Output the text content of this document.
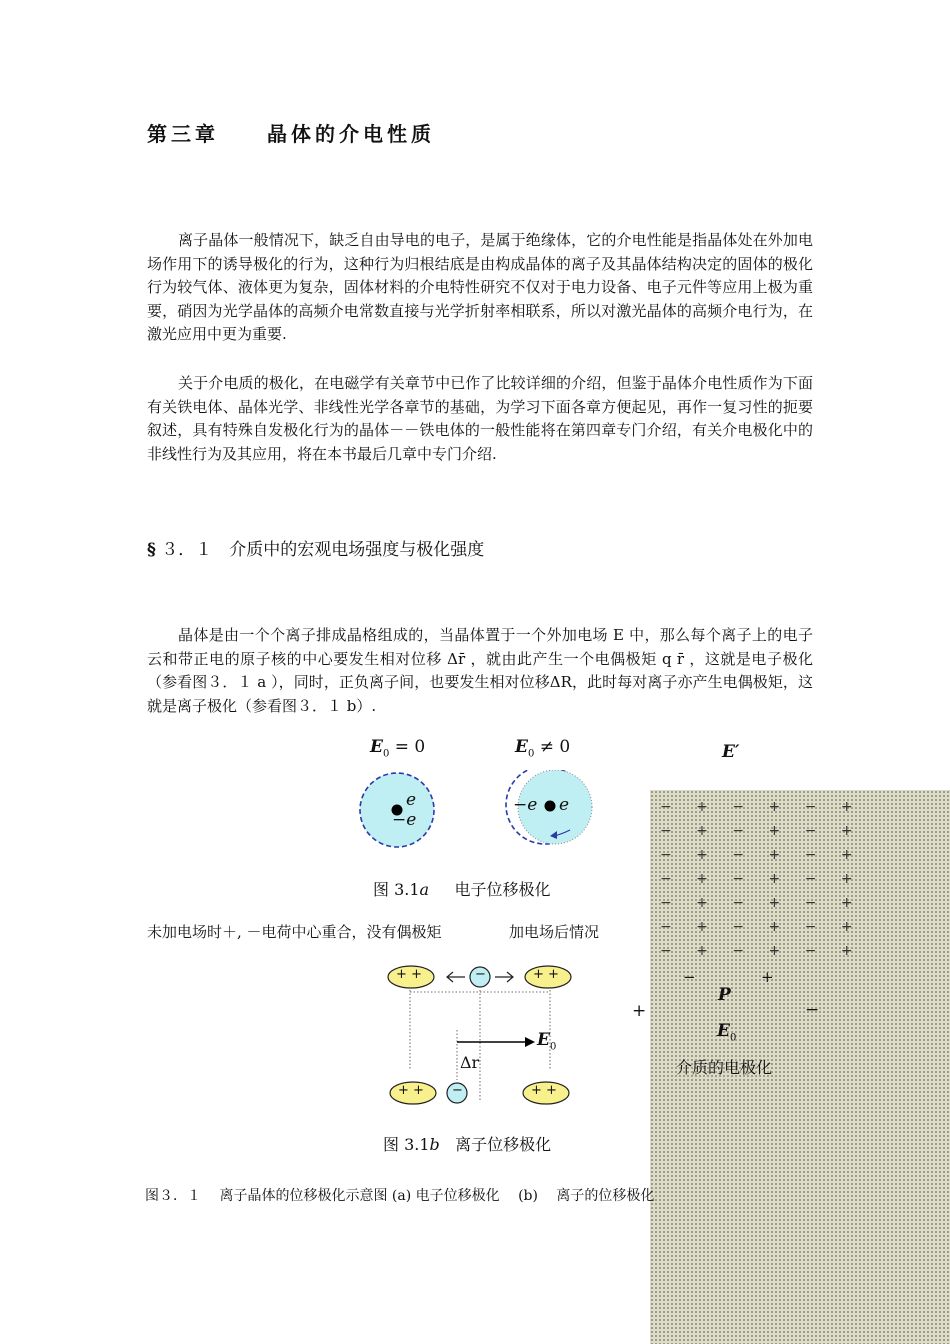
第三章　　晶体的介电性质

离子晶体一般情况下，缺乏自由导电的电子，是属于绝缘体，它的介电性能是指晶体处在外加电场作用下的诱导极化的行为，这种行为归根结底是由构成晶体的离子及其晶体结构决定的固体的极化行为较气体、液体更为复杂，固体材料的介电特性研究不仅对于电力设备、电子元件等应用上极为重要，硝因为光学晶体的高频介电常数直接与光学折射率相联系，所以对激光晶体的高频介电行为，在激光应用中更为重要.

关于介电质的极化，在电磁学有关章节中已作了比较详细的介绍，但鉴于晶体介电性质作为下面有关铁电体、晶体光学、非线性光学各章节的基础，为学习下面各章方便起见，再作一复习性的扼要叙述，具有特殊自发极化行为的晶体－－铁电体的一般性能将在第四章专门介绍，有关介电极化中的非线性行为及其应用，将在本书最后几章中专门介绍.

§ ３．１　介质中的宏观电场强度与极化强度

晶体是由一个个离子排成晶格组成的，当晶体置于一个外加电场 E 中，那么每个离子上的电子云和带正电的原子核的中心要发生相对位移 Δr̄ ，就由此产生一个电偶极矩 q r̄ ，这就是电子极化（参看图３．１ a ），同时，正负离子间，也要发生相对位移ΔR，此时每对离子亦产生电偶极矩，这就是离子极化（参看图３．１ b）.

$E_0 = 0$	$E_0 \ne 0$
e
−e
−e e
图 3.1a 电子位移极化
未加电场时＋, －电荷中心重合，没有偶极矩	加电场后情况
+ +	−	+ +
+ + −	+ +
$E_0$
Δr
图 3.1b 离子位移极化
E′
− + − + − +
− + − + − +
− + − + − +
− + − + − +
− + − + − +
− + − + − +
− + − + − +
−	+
P
+	−
$E_0$
介质的电极化
图３．１　 离子晶体的位移极化示意图 (a) 电子位移极化　 (b)　 离子的位移极化
